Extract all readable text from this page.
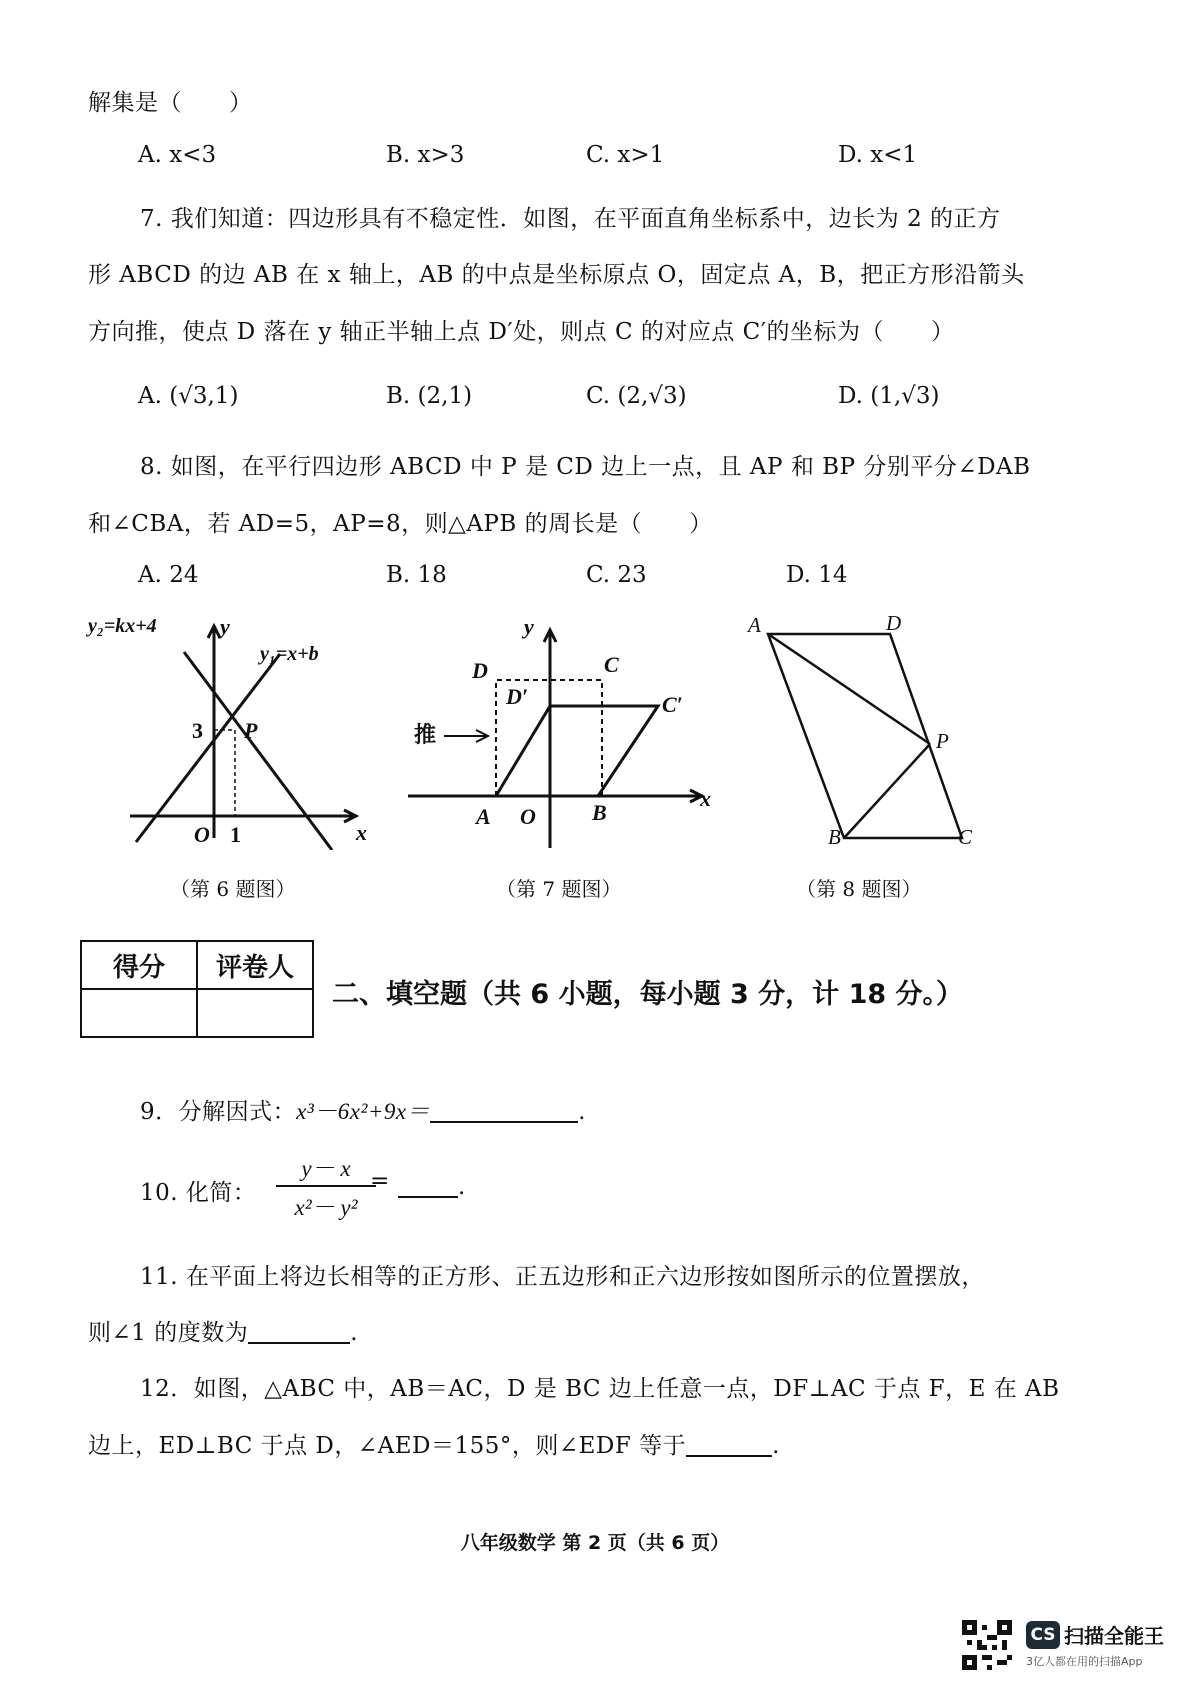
解集是（　　）
A. x<3	B. x>3	C. x>1	D. x<1
7. 我们知道：四边形具有不稳定性．如图，在平面直角坐标系中，边长为 2 的正方
形 ABCD 的边 AB 在 x 轴上，AB 的中点是坐标原点 O，固定点 A，B，把正方形沿箭头
方向推，使点 D 落在 y 轴正半轴上点 D′处，则点 C 的对应点 C′的坐标为（　　）
A. (√3,1)	B. (2,1)	C. (2,√3)	D. (1,√3)
8. 如图，在平行四边形 ABCD 中 P 是 CD 边上一点，且 AP 和 BP 分别平分∠DAB
和∠CBA，若 AD=5，AP=8，则△APB 的周长是（　　）
A. 24	B. 18	C. 23	D. 14
y₂=kx+4	y
y₁=x+b
3 P
O 1	x
（第 6 题图）
y
D	C
D′	C′
推
A O	B
x
（第 7 题图）
A	D
P
B	C
（第 8 题图）
得分	评卷人

二、填空题（共 6 小题，每小题 3 分，计 18 分。）
9．分解因式：x³－6x²+9x＝	.
10. 化简： $\frac{y- x}{\text{x²－ y²}}$
=	.
11. 在平面上将边长相等的正方形、正五边形和正六边形按如图所示的位置摆放，
则∠1 的度数为	.
12．如图，△ABC 中，AB＝AC，D 是 BC 边上任意一点，DF⊥AC 于点 F，E 在 AB
边上，ED⊥BC 于点 D，∠AED＝155°，则∠EDF 等于	.
八年级数学 第 2 页（共 6 页）
CS 扫描全能王
3亿人都在用的扫描App
